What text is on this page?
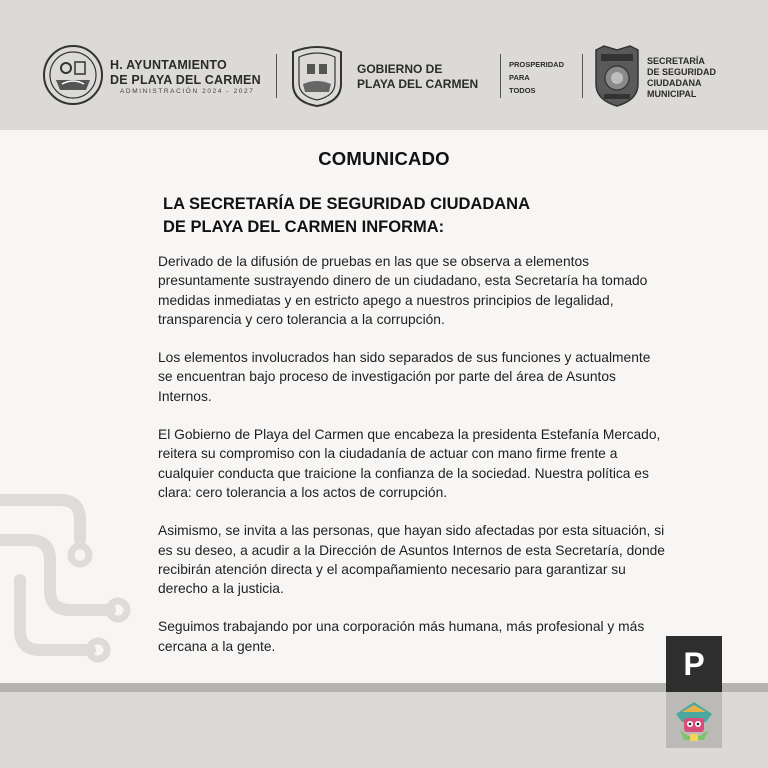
H. AYUNTAMIENTO
DE PLAYA DEL CARMEN
ADMINISTRACIÓN 2024 - 2027
GOBIERNO DE
PLAYA DEL CARMEN
PROSPERIDAD
PARA
TODOS
SECRETARÍA
DE SEGURIDAD
CIUDADANA
MUNICIPAL
COMUNICADO
LA SECRETARÍA DE SEGURIDAD CIUDADANA
DE PLAYA DEL CARMEN INFORMA:

Derivado de la difusión de pruebas en las que se observa a elementos presuntamente sustrayendo dinero de un ciudadano, esta Secretaría ha tomado medidas inmediatas y en estricto apego a nuestros principios de legalidad, transparencia y cero tolerancia a la corrupción.

Los elementos involucrados han sido separados de sus funciones y actualmente se encuentran bajo proceso de investigación por parte del área de Asuntos Internos.

El Gobierno de Playa del Carmen que encabeza la presidenta Estefanía Mercado, reitera su compromiso con la ciudadanía de actuar con mano firme frente a cualquier conducta que traicione la confianza de la sociedad. Nuestra política es clara: cero tolerancia a los actos de corrupción.

Asimismo, se invita a las personas, que hayan sido afectadas por esta situación, si es su deseo, a acudir a la Dirección de Asuntos Internos de esta Secretaría, donde recibirán atención directa y el acompañamiento necesario para garantizar su derecho a la justicia.

Seguimos trabajando por una corporación más humana, más profesional y más cercana a la gente.	P
